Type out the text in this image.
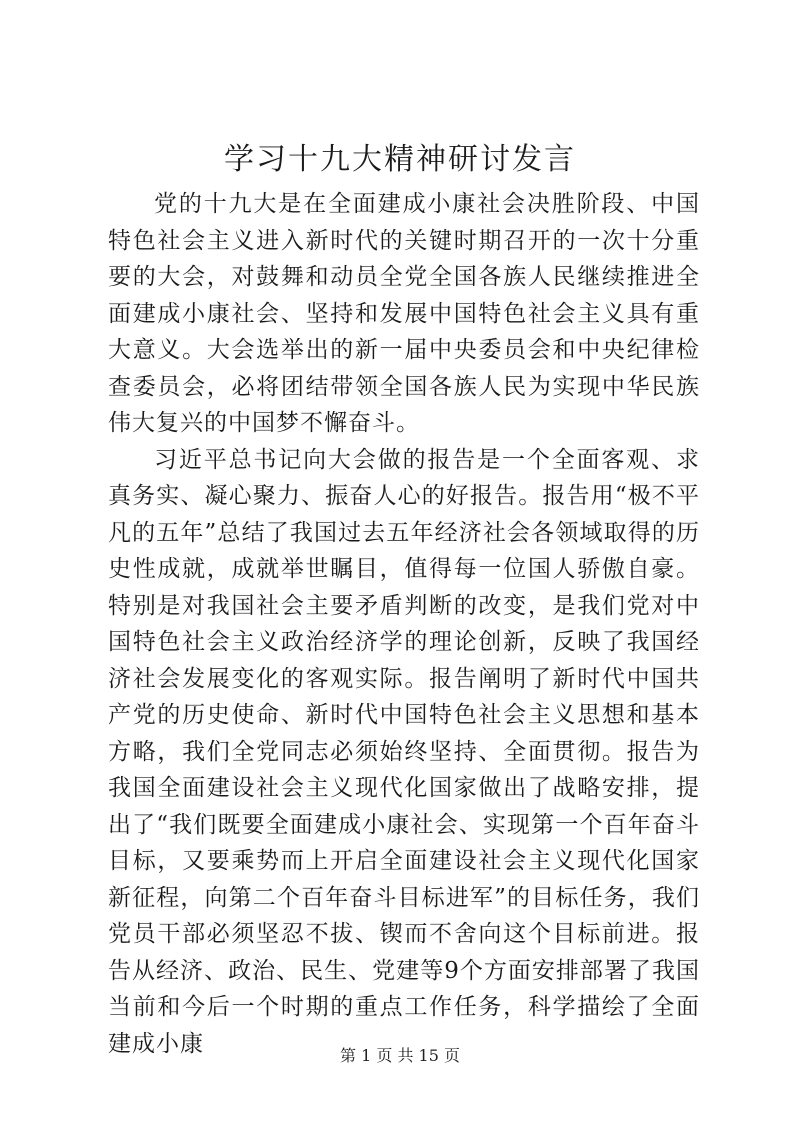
学习十九大精神研讨发言

党的十九大是在全面建成小康社会决胜阶段、中国特色社会主义进入新时代的关键时期召开的一次十分重要的大会，对鼓舞和动员全党全国各族人民继续推进全面建成小康社会、坚持和发展中国特色社会主义具有重大意义。大会选举出的新一届中央委员会和中央纪律检查委员会，必将团结带领全国各族人民为实现中华民族伟大复兴的中国梦不懈奋斗。

习近平总书记向大会做的报告是一个全面客观、求真务实、凝心聚力、振奋人心的好报告。报告用“极不平凡的五年”总结了我国过去五年经济社会各领域取得的历史性成就，成就举世瞩目，值得每一位国人骄傲自豪。特别是对我国社会主要矛盾判断的改变，是我们党对中国特色社会主义政治经济学的理论创新，反映了我国经济社会发展变化的客观实际。报告阐明了新时代中国共产党的历史使命、新时代中国特色社会主义思想和基本方略，我们全党同志必须始终坚持、全面贯彻。报告为我国全面建设社会主义现代化国家做出了战略安排，提出了“我们既要全面建成小康社会、实现第一个百年奋斗目标，又要乘势而上开启全面建设社会主义现代化国家新征程，向第二个百年奋斗目标进军”的目标任务，我们党员干部必须坚忍不拔、锲而不舍向这个目标前进。报告从经济、政治、民生、党建等9个方面安排部署了我国当前和今后一个时期的重点工作任务，科学描绘了全面建成小康	第 1 页 共 15 页
